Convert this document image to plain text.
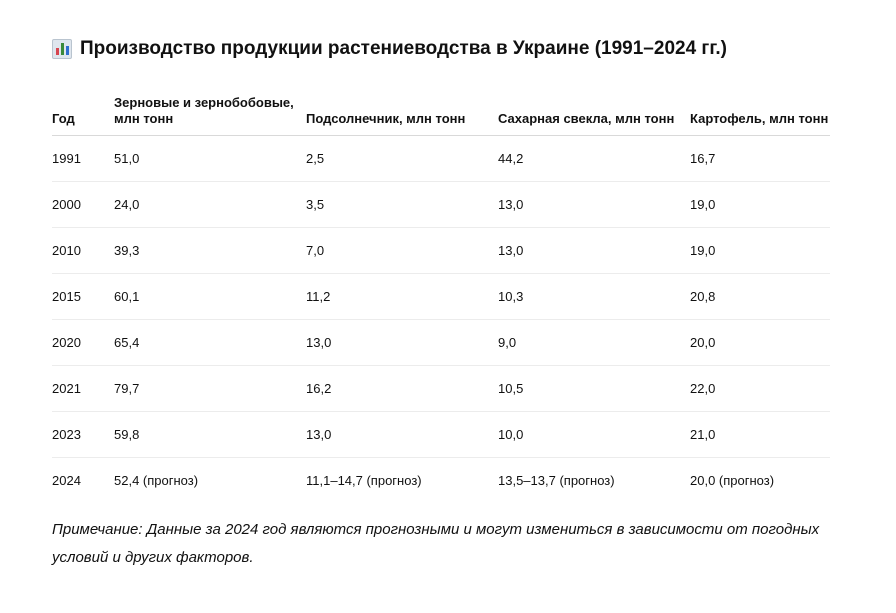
Производство продукции растениеводства в Украине (1991–2024 гг.)
Год	Зерновые и зернобобовые, млн тонн	Подсолнечник, млн тонн	Сахарная свекла, млн тонн	Картофель, млн тонн
1991	51,0	2,5	44,2	16,7
2000	24,0	3,5	13,0	19,0
2010	39,3	7,0	13,0	19,0
2015	60,1	11,2	10,3	20,8
2020	65,4	13,0	9,0	20,0
2021	79,7	16,2	10,5	22,0
2023	59,8	13,0	10,0	21,0
2024	52,4 (прогноз)	11,1–14,7 (прогноз)	13,5–13,7 (прогноз)	20,0 (прогноз)
Примечание: Данные за 2024 год являются прогнозными и могут измениться в зависимости от погодных условий и других факторов.
